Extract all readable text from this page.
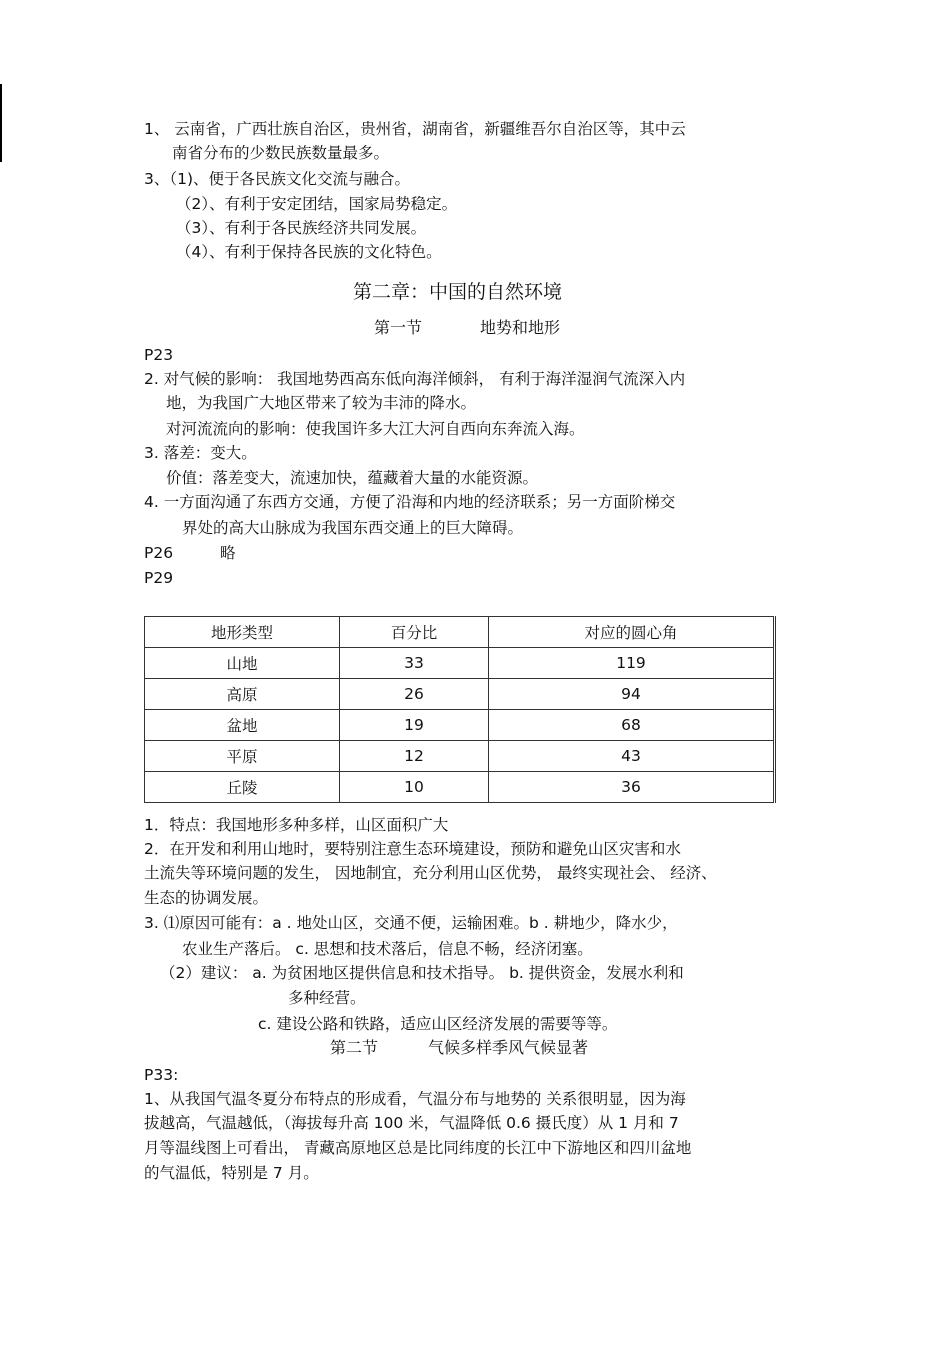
1、 云南省，广西壮族自治区，贵州省，湖南省，新疆维吾尔自治区等，其中云
南省分布的少数民族数量最多。
3、（1)、便于各民族文化交流与融合。
（2）、有利于安定团结，国家局势稳定。
（3）、有利于各民族经济共同发展。
（4）、有利于保持各民族的文化特色。
第二章：中国的自然环境
第一节	地势和地形
P23
2. 对气候的影响： 我国地势西高东低向海洋倾斜， 有利于海洋湿润气流深入内
地，为我国广大地区带来了较为丰沛的降水。
对河流流向的影响：使我国许多大江大河自西向东奔流入海。
3. 落差：变大。
价值：落差变大，流速加快，蕴藏着大量的水能资源。
4. 一方面沟通了东西方交通，方便了沿海和内地的经济联系；另一方面阶梯交
界处的高大山脉成为我国东西交通上的巨大障碍。
P26	略
P29
地形类型	百分比	对应的圆心角
山地	33	119
高原	26	94
盆地	19	68
平原	12	43
丘陵	10	36
1．特点：我国地形多种多样，山区面积广大
2．在开发和利用山地时，要特别注意生态环境建设，预防和避免山区灾害和水
土流失等环境问题的发生， 因地制宜，充分利用山区优势， 最终实现社会、 经济、
生态的协调发展。
3. ⑴原因可能有：a . 地处山区，交通不便，运输困难。b . 耕地少，降水少，
农业生产落后。 c. 思想和技术落后，信息不畅，经济闭塞。
（2）建议： a. 为贫困地区提供信息和技术指导。 b. 提供资金，发展水利和
多种经营。
c. 建设公路和铁路，适应山区经济发展的需要等等。
第二节	气候多样季风气候显著
P33:
1、从我国气温冬夏分布特点的形成看，气温分布与地势的 关系很明显，因为海
拔越高，气温越低，（海拔每升高 100 米，气温降低 0.6 摄氏度）从 1 月和 7
月等温线图上可看出， 青藏高原地区总是比同纬度的长江中下游地区和四川盆地
的气温低，特别是 7 月。
